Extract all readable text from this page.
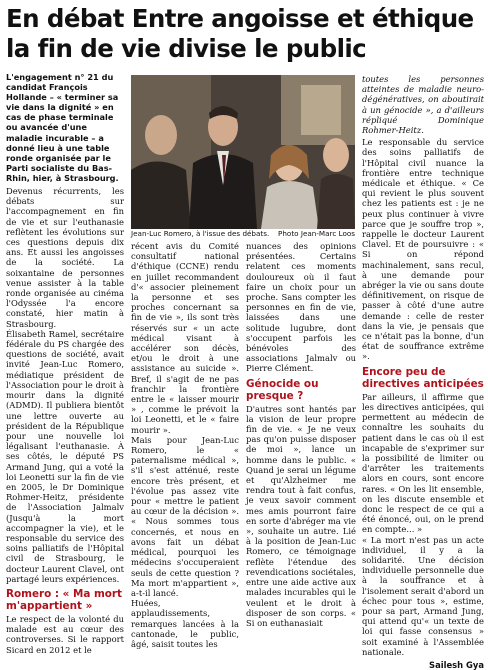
En débat Entre angoisse et éthique
la fin de vie divise le public

L'engagement n° 21 du candidat François Hollande – « terminer sa vie dans la dignité » en cas de phase terminale ou avancée d'une maladie incurable – a donné lieu à une table ronde organisée par le Parti socialiste du Bas-Rhin, hier, à Strasbourg.

Devenus récurrents, les débats sur l'accompagnement en fin de vie et sur l'euthanasie reflètent les évolutions sur ces questions depuis dix ans. Et aussi les angoisses de la société. La soixantaine de personnes venue assister à la table ronde organisée au cinéma l'Odyssée l'a encore constaté, hier matin à Strasbourg.

Élisabeth Ramel, secrétaire fédérale du PS chargée des questions de société, avait invité Jean-Luc Romero, médiatique président de l'Association pour le droit à mourir dans la dignité (ADMD). Il publiera bientôt une lettre ouverte au président de la République pour une nouvelle loi légalisant l'euthanasie. À ses côtés, le député PS Armand Jung, qui a voté la loi Leonetti sur la fin de vie en 2005, le Dr Dominique Rohmer-Heitz, présidente de l'Association Jalmalv (Jusqu'à la mort accompagner la vie), et le responsable du service des soins palliatifs de l'Hôpital civil de Strasbourg, le docteur Laurent Clavel, ont partagé leurs expériences.

Romero : « Ma mort m'appartient »

Le respect de la volonté du malade est au cœur des controverses. Si le rapport Sicard en 2012 et le

Jean-Luc Romero, à l'issue des débats. Photo Jean-Marc Loos

récent avis du Comité consultatif national d'éthique (CCNE) rendu en juillet recommandent d'« associer pleinement la personne et ses proches concernant sa fin de vie », ils sont très réservés sur « un acte médical visant à accélérer son décès, et/ou le droit à une assistance au suicide ». Bref, il s'agit de ne pas franchir la frontière entre le « laisser mourir » , comme le prévoit la loi Leonetti, et le « faire mourir ».

Mais pour Jean-Luc Romero, le « paternalisme médical », s'il s'est atténué, reste encore très présent, et l'évolue pas assez vite pour « mettre le patient au cœur de la décision ». « Nous sommes tous concernés, et nous en avons fait un débat médical, pourquoi les médecins s'occuperaient seuls de cette question ? Ma mort m'appartient », a-t-il lancé.

Huées, applaudissements, remarques lancées à la cantonade, le public, âgé, saisit toutes les

nuances des opinions présentées. Certains relatent ces moments douloureux où il faut faire un choix pour un proche. Sans compter les personnes en fin de vie, laissées dans une solitude lugubre, dont s'occupent parfois les bénévoles des associations Jalmalv ou Pierre Clément.

Génocide ou presque ?

D'autres sont hantés par la vision de leur propre fin de vie. « Je ne veux pas qu'on puisse disposer de moi », lance un homme dans le public. « Quand je serai un légume et qu'Alzheimer me rendra tout à fait confus, je veux savoir comment mes amis pourront faire en sorte d'abréger ma vie », souhaite un autre. Lié à la position de Jean-Luc Romero, ce témoignage reflète l'étendue des revendications sociétales, entre une aide active aux malades incurables qui le veulent et le droit à disposer de son corps. « Si on euthanasiait

toutes les personnes atteintes de maladie neuro-dégénératives, on aboutirait à un génocide », a d'ailleurs répliqué Dominique Rohmer-Heitz.

Le responsable du service des soins palliatifs de l'Hôpital civil nuance la frontière entre technique médicale et éthique. « Ce qui revient le plus souvent chez les patients est : je ne peux plus continuer à vivre parce que je souffre trop », rappelle le docteur Laurent Clavel. Et de poursuivre : « Si on répond machinalement, sans recul, à une demande pour abréger la vie ou sans doute définitivement, on risque de passer à côté d'une autre demande : celle de rester dans la vie, je pensais que ce n'était pas la bonne, d'un état de souffrance extrême ».

Encore peu de directives anticipées

Par ailleurs, il affirme que les directives anticipées, qui permettent au médecin de connaître les souhaits du patient dans le cas où il est incapable de s'exprimer sur la possibilité de limiter ou d'arrêter les traitements alors en cours, sont encore rares. « On les lit ensemble, on les discute ensemble et donc le respect de ce qui a été énoncé, oui, on le prend en compte... »

« La mort n'est pas un acte individuel, il y a la solidarité. Une décision individuelle personnelle due à la souffrance et à l'isolement serait d'abord un échec pour tous », estime, pour sa part, Armand Jung, qui attend qu'« un texte de loi qui fasse consensus » soit examiné à l'Assemblée nationale.

Sailesh Gya
